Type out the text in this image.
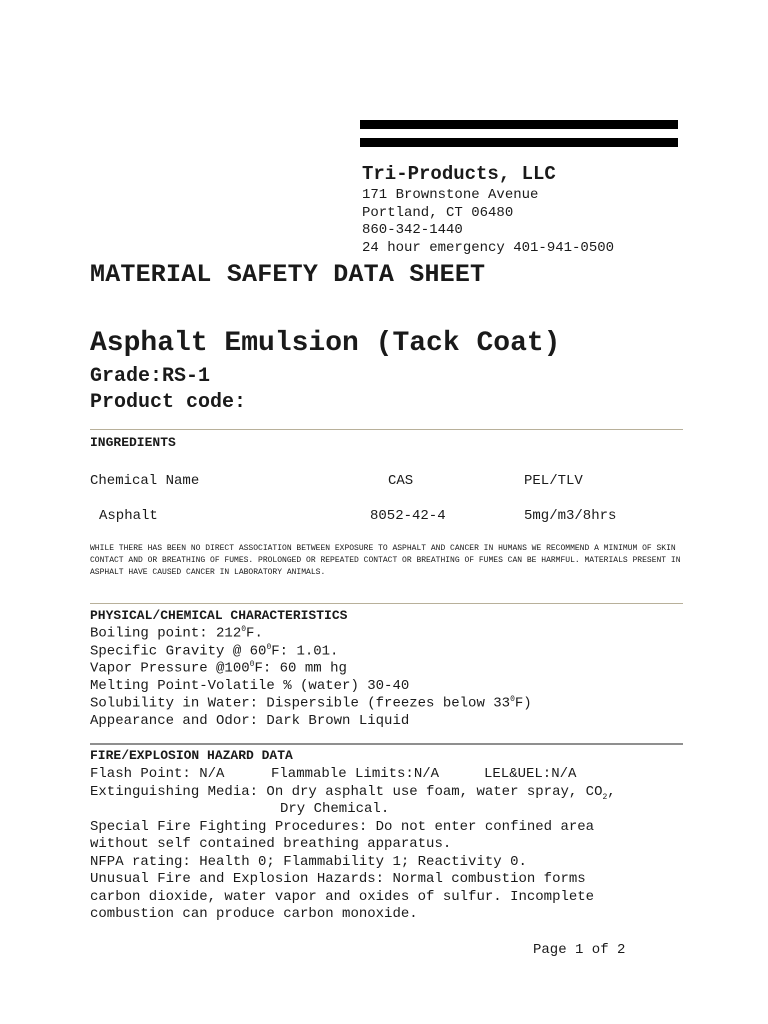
Tri-Products, LLC
171 Brownstone Avenue
Portland, CT 06480
860-342-1440
24 hour emergency 401-941-0500
MATERIAL SAFETY DATA SHEET
Asphalt Emulsion (Tack Coat)
Grade:RS-1
Product code:
INGREDIENTS
Chemical Name	CAS	PEL/TLV
Asphalt	8052-42-4	5mg/m3/8hrs
WHILE THERE HAS BEEN NO DIRECT ASSOCIATION BETWEEN EXPOSURE TO ASPHALT AND CANCER IN HUMANS WE RECOMMEND A MINIMUM OF SKIN CONTACT AND OR BREATHING OF FUMES. PROLONGED OR REPEATED CONTACT OR BREATHING OF FUMES CAN BE HARMFUL. MATERIALS PRESENT IN ASPHALT HAVE CAUSED CANCER IN LABORATORY ANIMALS.
PHYSICAL/CHEMICAL CHARACTERISTICS
Boiling point: $212^0F$.
Specific Gravity @ $60^0F$: 1.01.
Vapor Pressure $@100^0F$: 60 mm hg
Melting Point-Volatile % (water) 30-40
Solubility in Water: Dispersible (freezes below $33^0F$)
Appearance and Odor: Dark Brown Liquid
FIRE/EXPLOSION HAZARD DATA
Flash Point: N/A	Flammable Limits:N/A	LEL&UEL:N/A
Extinguishing Media: On dry asphalt use foam, water spray, $CO_2$,
Dry Chemical.
Special Fire Fighting Procedures: Do not enter confined area
without self contained breathing apparatus.
NFPA rating: Health 0; Flammability 1; Reactivity 0.
Unusual Fire and Explosion Hazards: Normal combustion forms
carbon dioxide, water vapor and oxides of sulfur. Incomplete
combustion can produce carbon monoxide.
Page 1 of 2
